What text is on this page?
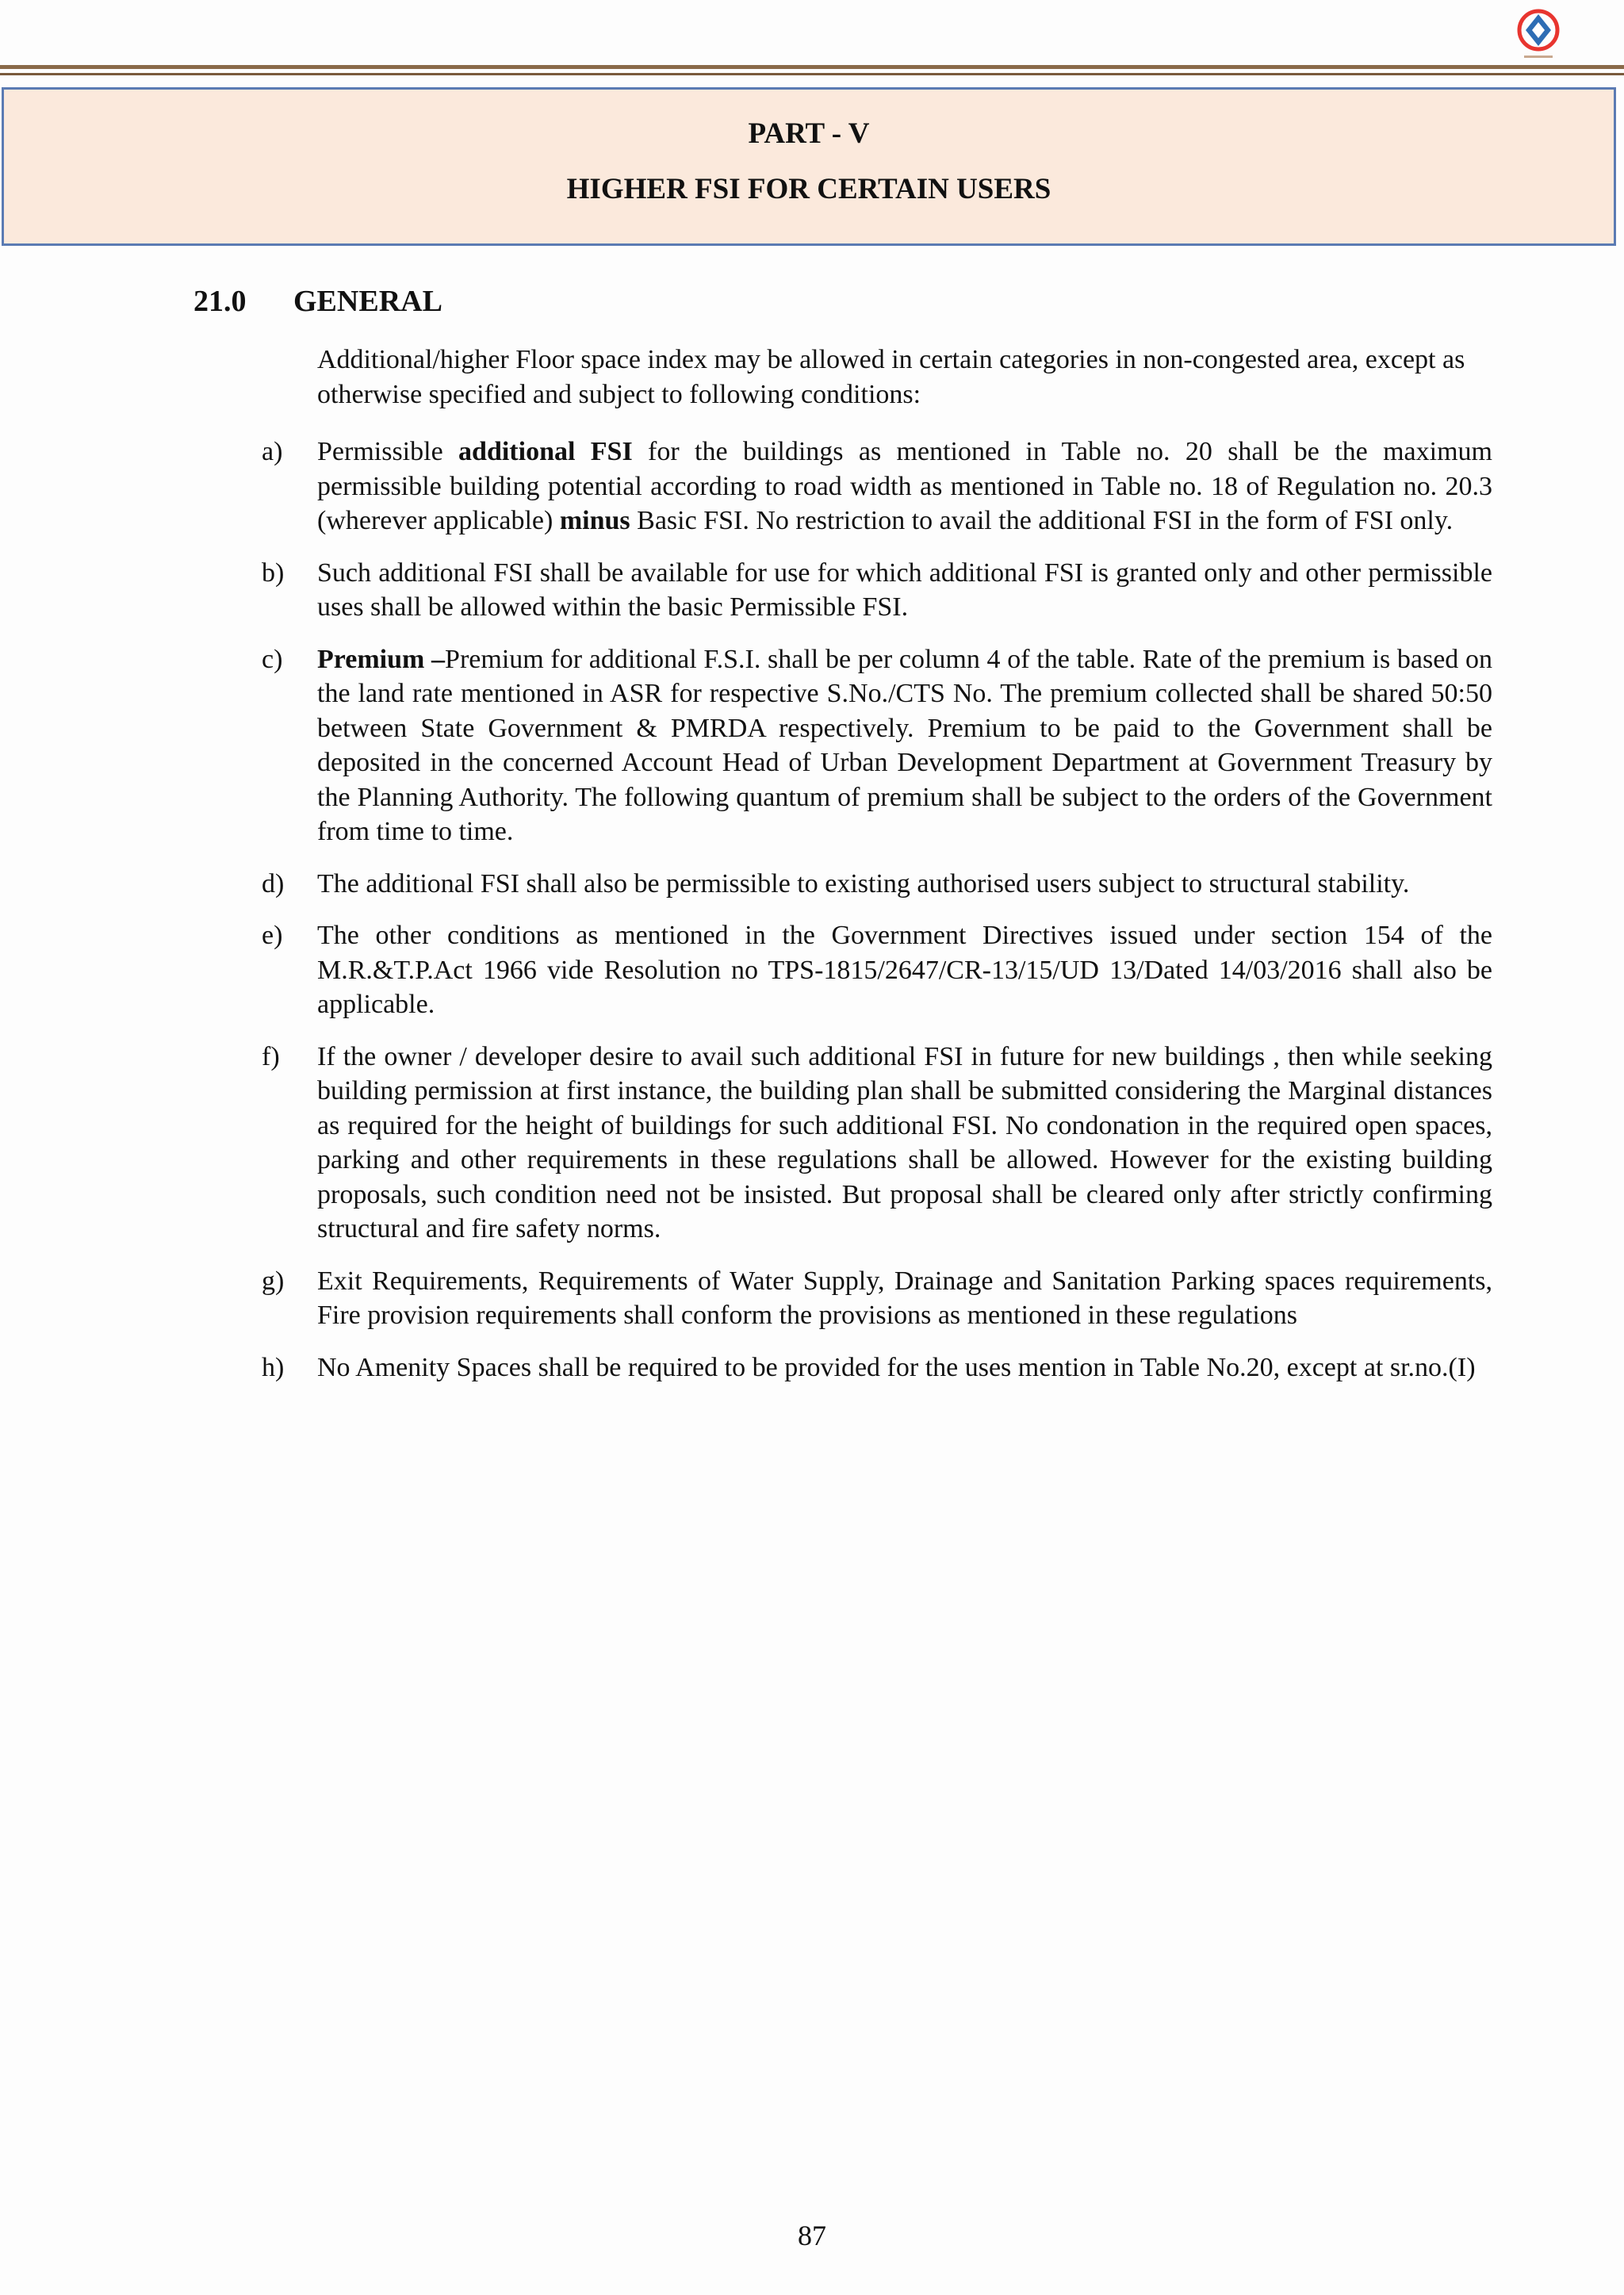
PART - V
HIGHER FSI FOR CERTAIN USERS
21.0 GENERAL

Additional/higher Floor space index may be allowed in certain categories in non-congested area, except as otherwise specified and subject to following conditions:

a) Permissible additional FSI for the buildings as mentioned in Table no. 20 shall be the maximum permissible building potential according to road width as mentioned in Table no. 18 of Regulation no. 20.3 (wherever applicable) minus Basic FSI. No restriction to avail the additional FSI in the form of FSI only.
b) Such additional FSI shall be available for use for which additional FSI is granted only and other permissible uses shall be allowed within the basic Permissible FSI.
c) Premium –Premium for additional F.S.I. shall be per column 4 of the table. Rate of the premium is based on the land rate mentioned in ASR for respective S.No./CTS No. The premium collected shall be shared 50:50 between State Government & PMRDA respectively. Premium to be paid to the Government shall be deposited in the concerned Account Head of Urban Development Department at Government Treasury by the Planning Authority. The following quantum of premium shall be subject to the orders of the Government from time to time.
d) The additional FSI shall also be permissible to existing authorised users subject to structural stability.
e) The other conditions as mentioned in the Government Directives issued under section 154 of the M.R.&T.P.Act 1966 vide Resolution no TPS-1815/2647/CR-13/15/UD 13/Dated 14/03/2016 shall also be applicable.
f) If the owner / developer desire to avail such additional FSI in future for new buildings , then while seeking building permission at first instance, the building plan shall be submitted considering the Marginal distances as required for the height of buildings for such additional FSI. No condonation in the required open spaces, parking and other requirements in these regulations shall be allowed. However for the existing building proposals, such condition need not be insisted. But proposal shall be cleared only after strictly confirming structural and fire safety norms.
g) Exit Requirements, Requirements of Water Supply, Drainage and Sanitation Parking spaces requirements, Fire provision requirements shall conform the provisions as mentioned in these regulations
h) No Amenity Spaces shall be required to be provided for the uses mention in Table No.20, except at sr.no.(I)
87
